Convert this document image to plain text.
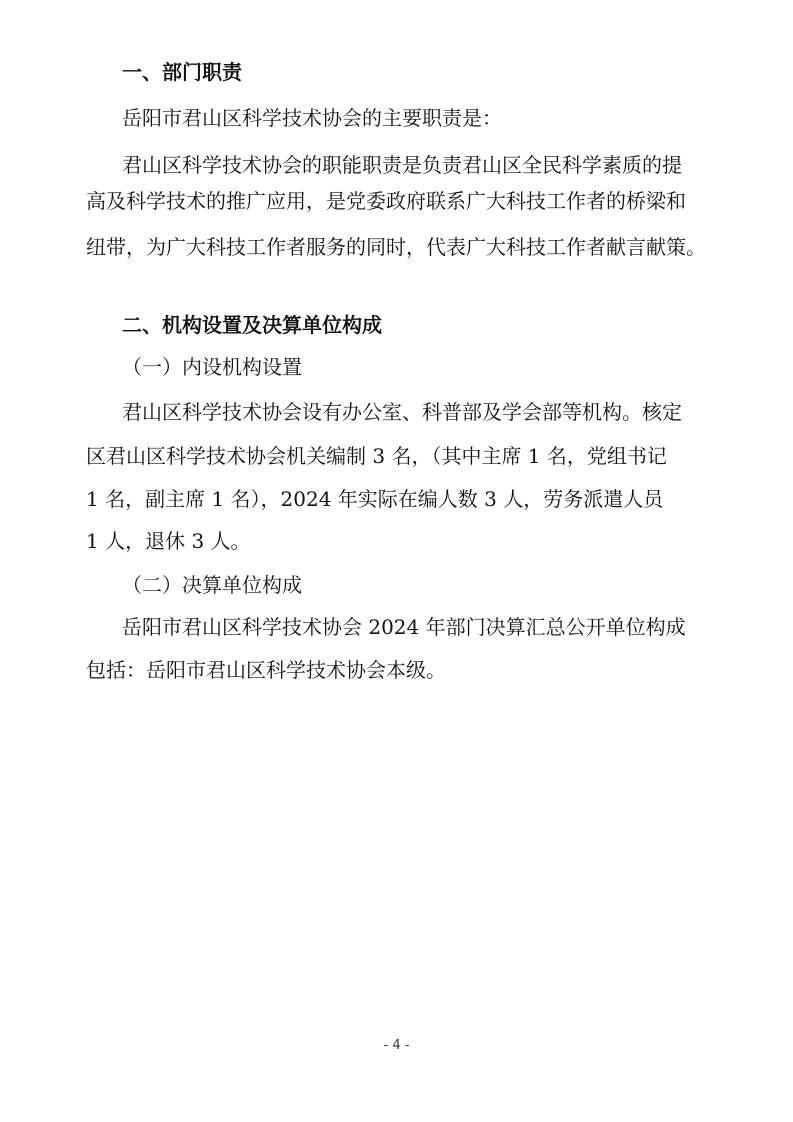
一、部门职责

岳阳市君山区科学技术协会的主要职责是：

君山区科学技术协会的职能职责是负责君山区全民科学素质的提

高及科学技术的推广应用，是党委政府联系广大科技工作者的桥梁和

纽带，为广大科技工作者服务的同时，代表广大科技工作者献言献策。

二、机构设置及决算单位构成

（一）内设机构设置

君山区科学技术协会设有办公室、科普部及学会部等机构。核定

区君山区科学技术协会机关编制 3 名，（其中主席 1 名，党组书记

1 名，副主席 1 名），2024 年实际在编人数 3 人，劳务派遣人员

1 人，退休 3 人。

（二）决算单位构成

岳阳市君山区科学技术协会 2024 年部门决算汇总公开单位构成

包括：岳阳市君山区科学技术协会本级。

- 4 -
